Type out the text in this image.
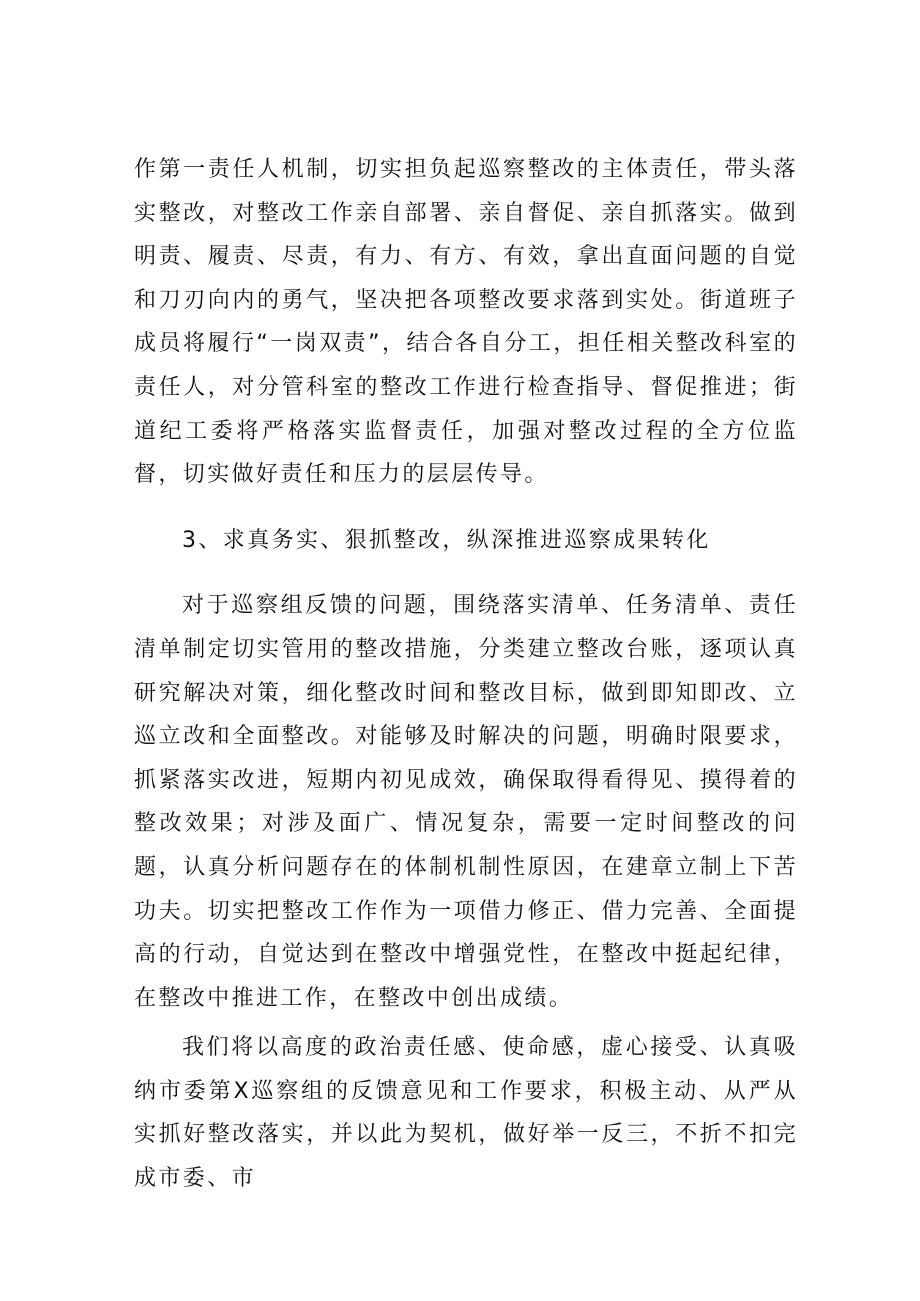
作第一责任人机制，切实担负起巡察整改的主体责任，带头落实整改，对整改工作亲自部署、亲自督促、亲自抓落实。做到明责、履责、尽责，有力、有方、有效，拿出直面问题的自觉和刀刃向内的勇气，坚决把各项整改要求落到实处。街道班子成员将履行“一岗双责”，结合各自分工，担任相关整改科室的责任人，对分管科室的整改工作进行检查指导、督促推进；街道纪工委将严格落实监督责任，加强对整改过程的全方位监督，切实做好责任和压力的层层传导。

3、求真务实、狠抓整改，纵深推进巡察成果转化

对于巡察组反馈的问题，围绕落实清单、任务清单、责任清单制定切实管用的整改措施，分类建立整改台账，逐项认真研究解决对策，细化整改时间和整改目标，做到即知即改、立巡立改和全面整改。对能够及时解决的问题，明确时限要求，抓紧落实改进，短期内初见成效，确保取得看得见、摸得着的整改效果；对涉及面广、情况复杂，需要一定时间整改的问题，认真分析问题存在的体制机制性原因，在建章立制上下苦功夫。切实把整改工作作为一项借力修正、借力完善、全面提高的行动，自觉达到在整改中增强党性，在整改中挺起纪律，在整改中推进工作，在整改中创出成绩。

我们将以高度的政治责任感、使命感，虚心接受、认真吸纳市委第X巡察组的反馈意见和工作要求，积极主动、从严从实抓好整改落实，并以此为契机，做好举一反三，不折不扣完成市委、市
